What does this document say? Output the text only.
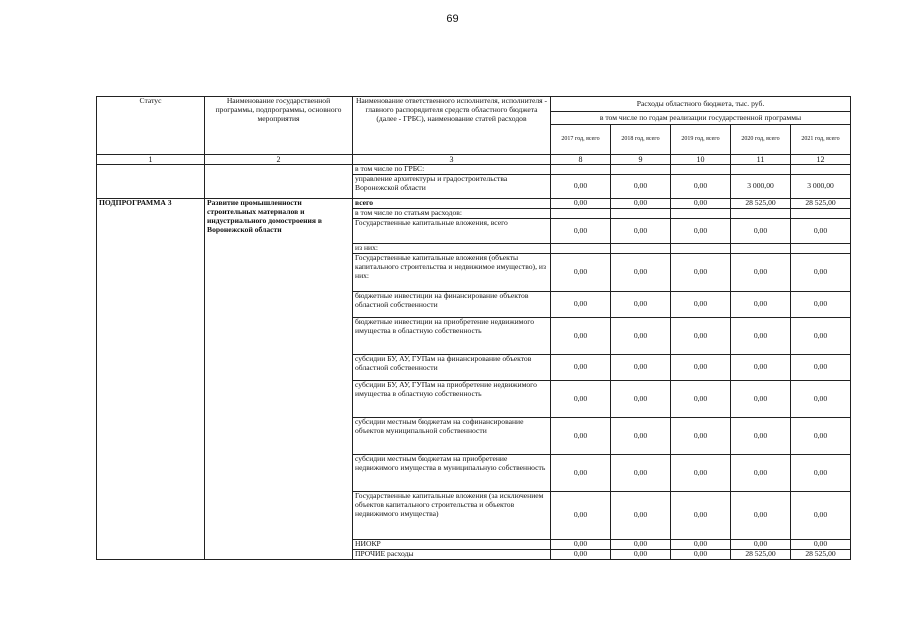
69
Статус	Наименование государственной программы, подпрограммы, основного мероприятия	Наименование ответственного исполнителя, исполнителя - главного распорядителя средств областного бюджета (далее - ГРБС), наименование статей расходов	Расходы областного бюджета, тыс. руб.				
			в том числе по годам реализации государственной программы				
			2017 год, всего	2018 год, всего	2019 год, всего	2020 год, всего	2021 год, всего
1	2	3	8	9	10	11	12
		в том числе по ГРБС:					
		управление архитектуры и градостроительства Воронежской области	0,00	0,00	0,00	3 000,00	3 000,00
ПОДПРОГРАММА 3	Развитие промышленности строительных материалов и индустриального домостроения в Воронежской области	всего	0,00	0,00	0,00	28 525,00	28 525,00
		в том числе по статьям расходов:					
		Государственные капитальные вложения, всего	0,00	0,00	0,00	0,00	0,00
		из них:					
		Государственные капитальные вложения (объекты капитального строительства и недвижимое имущество), из них:	0,00	0,00	0,00	0,00	0,00
		бюджетные инвестиции на финансирование объектов областной собственности	0,00	0,00	0,00	0,00	0,00
		бюджетные инвестиции на приобретение недвижимого имущества в областную собственность	0,00	0,00	0,00	0,00	0,00
		субсидии БУ, АУ, ГУПам на финансирование объектов областной собственности	0,00	0,00	0,00	0,00	0,00
		субсидии БУ, АУ, ГУПам на приобретение недвижимого имущества в областную собственность	0,00	0,00	0,00	0,00	0,00
		субсидии местным бюджетам на софинансирование объектов муниципальной собственности	0,00	0,00	0,00	0,00	0,00
		субсидии местным бюджетам на приобретение недвижимого имущества в муниципальную собственность	0,00	0,00	0,00	0,00	0,00
		Государственные капитальные вложения (за исключением объектов капитального строительства и объектов недвижимого имущества)	0,00	0,00	0,00	0,00	0,00
		НИОКР	0,00	0,00	0,00	0,00	0,00
		ПРОЧИЕ расходы	0,00	0,00	0,00	28 525,00	28 525,00
